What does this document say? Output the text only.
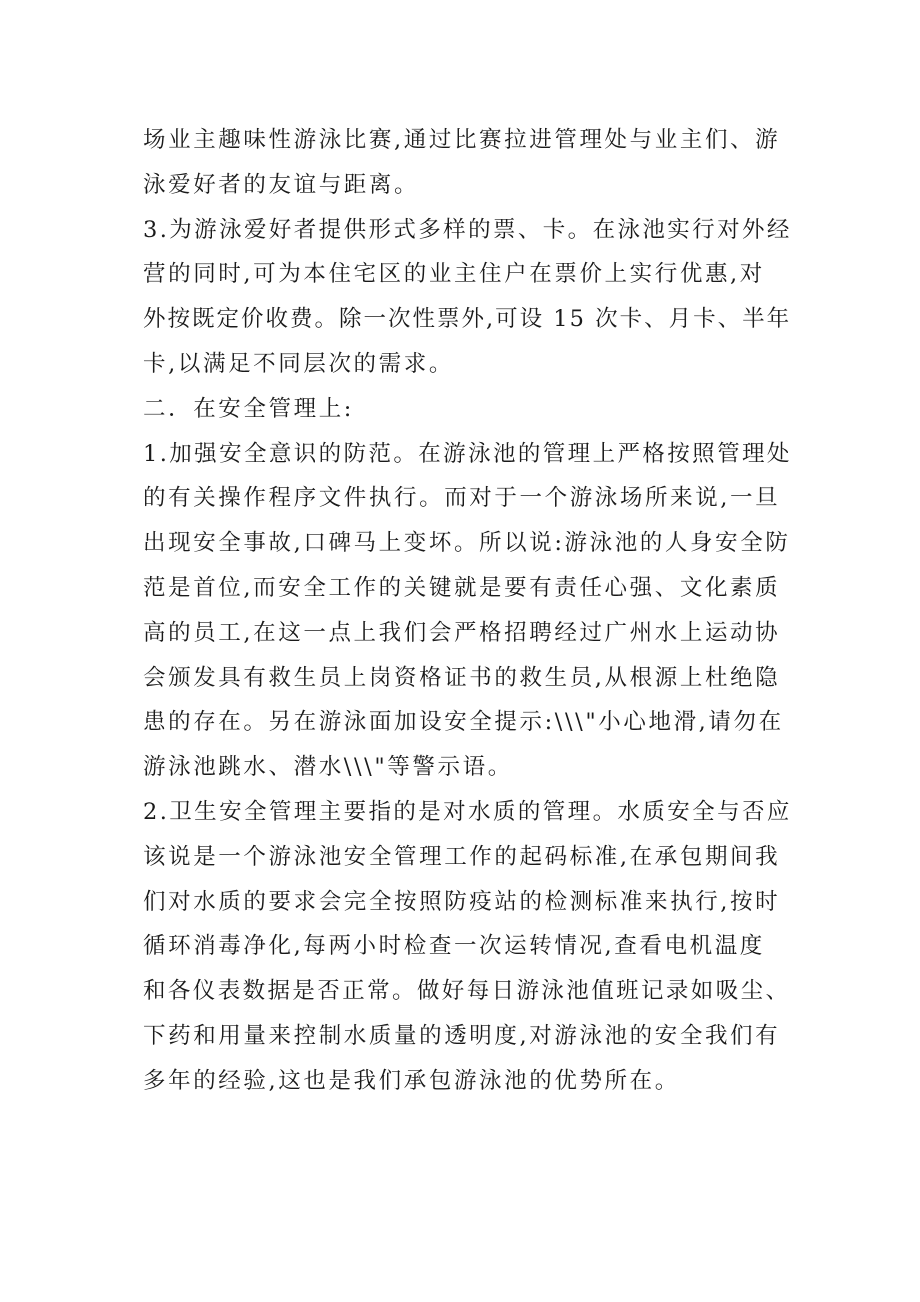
场业主趣味性游泳比赛,通过比赛拉进管理处与业主们、游
泳爱好者的友谊与距离。
3.为游泳爱好者提供形式多样的票、卡。在泳池实行对外经
营的同时,可为本住宅区的业主住户在票价上实行优惠,对
外按既定价收费。除一次性票外,可设 15 次卡、月卡、半年
卡,以满足不同层次的需求。
二．在安全管理上:
1.加强安全意识的防范。在游泳池的管理上严格按照管理处
的有关操作程序文件执行。而对于一个游泳场所来说,一旦
出现安全事故,口碑马上变坏。所以说:游泳池的人身安全防
范是首位,而安全工作的关键就是要有责任心强、文化素质
高的员工,在这一点上我们会严格招聘经过广州水上运动协
会颁发具有救生员上岗资格证书的救生员,从根源上杜绝隐
患的存在。另在游泳面加设安全提示:\\\"小心地滑,请勿在
游泳池跳水、潜水\\\"等警示语。
2.卫生安全管理主要指的是对水质的管理。水质安全与否应
该说是一个游泳池安全管理工作的起码标准,在承包期间我
们对水质的要求会完全按照防疫站的检测标准来执行,按时
循环消毒净化,每两小时检查一次运转情况,查看电机温度
和各仪表数据是否正常。做好每日游泳池值班记录如吸尘、
下药和用量来控制水质量的透明度,对游泳池的安全我们有
多年的经验,这也是我们承包游泳池的优势所在。
